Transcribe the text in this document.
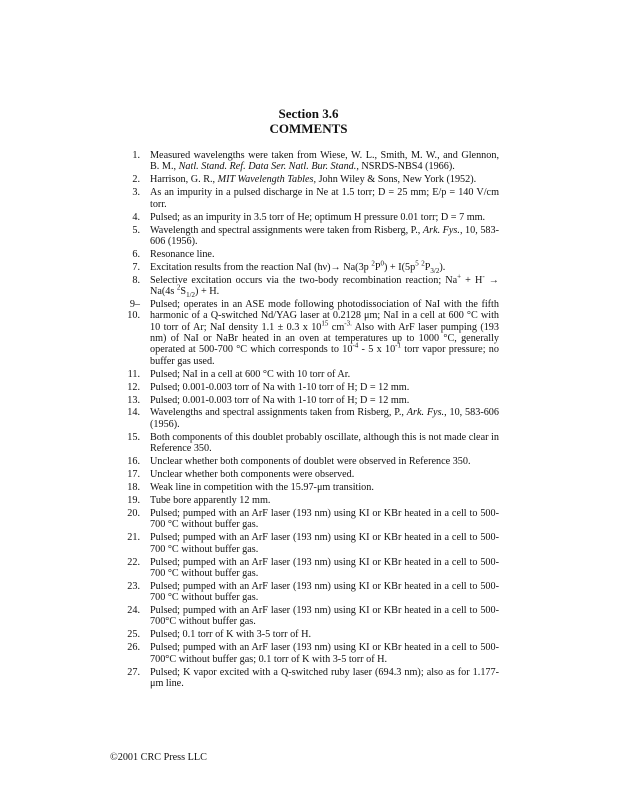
Section 3.6
COMMENTS
1. Measured wavelengths were taken from Wiese, W. L., Smith, M. W., and Glennon, B. M., Natl. Stand. Ref. Data Ser. Natl. Bur. Stand., NSRDS-NBS4 (1966).
2. Harrison, G. R., MIT Wavelength Tables, John Wiley & Sons, New York (1952).
3. As an impurity in a pulsed discharge in Ne at 1.5 torr; D = 25 mm; E/p = 140 V/cm torr.
4. Pulsed; as an impurity in 3.5 torr of He; optimum H pressure 0.01 torr; D = 7 mm.
5. Wavelength and spectral assignments were taken from Risberg, P., Ark. Fys., 10, 583-606 (1956).
6. Resonance line.
7. Excitation results from the reaction NaI (hν)→ Na(3p $^2P^0) + I(5p^5$ $^2P_{3/2}$).
8. Selective excitation occurs via the two-body recombination reaction; Na+ + H- → Na(4s $^2S_{1/2}) + H$.
9–
10.
Pulsed; operates in an ASE mode following photodissociation of NaI with the fifth harmonic of a Q-switched Nd/YAG laser at 0.2128 μm; NaI in a cell at 600 °C with 10 torr of Ar; NaI density 1.1 ± 0.3 x $10^{15}$ $cm^{-3.}$ Also with ArF laser pumping (193 nm) of NaI or NaBr heated in an oven at temperatures up to 1000 °C, generally operated at 500-700 °C which corresponds to $10^{-4} - 5$ x $10^{-1}$ torr vapor pressure; no buffer gas used.
11. Pulsed; NaI in a cell at 600 °C with 10 torr of Ar.
12. Pulsed; 0.001-0.003 torr of Na with 1-10 torr of H; D = 12 mm.
13. Pulsed; 0.001-0.003 torr of Na with 1-10 torr of H; D = 12 mm.
14. Wavelengths and spectral assignments taken from Risberg, P., Ark. Fys., 10, 583-606 (1956).
15. Both components of this doublet probably oscillate, although this is not made clear in Reference 350.
16. Unclear whether both components of doublet were observed in Reference 350.
17. Unclear whether both components were observed.
18. Weak line in competition with the 15.97-μm transition.
19. Tube bore apparently 12 mm.
20. Pulsed; pumped with an ArF laser (193 nm) using KI or KBr heated in a cell to 500-700 °C without buffer gas.
21. Pulsed; pumped with an ArF laser (193 nm) using KI or KBr heated in a cell to 500-700 °C without buffer gas.
22. Pulsed; pumped with an ArF laser (193 nm) using KI or KBr heated in a cell to 500-700 °C without buffer gas.
23. Pulsed; pumped with an ArF laser (193 nm) using KI or KBr heated in a cell to 500-700 °C without buffer gas.
24. Pulsed; pumped with an ArF laser (193 nm) using KI or KBr heated in a cell to 500-700°C without buffer gas.
25. Pulsed; 0.1 torr of K with 3-5 torr of H.
26. Pulsed; pumped with an ArF laser (193 nm) using KI or KBr heated in a cell to 500-700°C without buffer gas; 0.1 torr of K with 3-5 torr of H.
27. Pulsed; K vapor excited with a Q-switched ruby laser (694.3 nm); also as for 1.177-μm line.
©2001 CRC Press LLC
